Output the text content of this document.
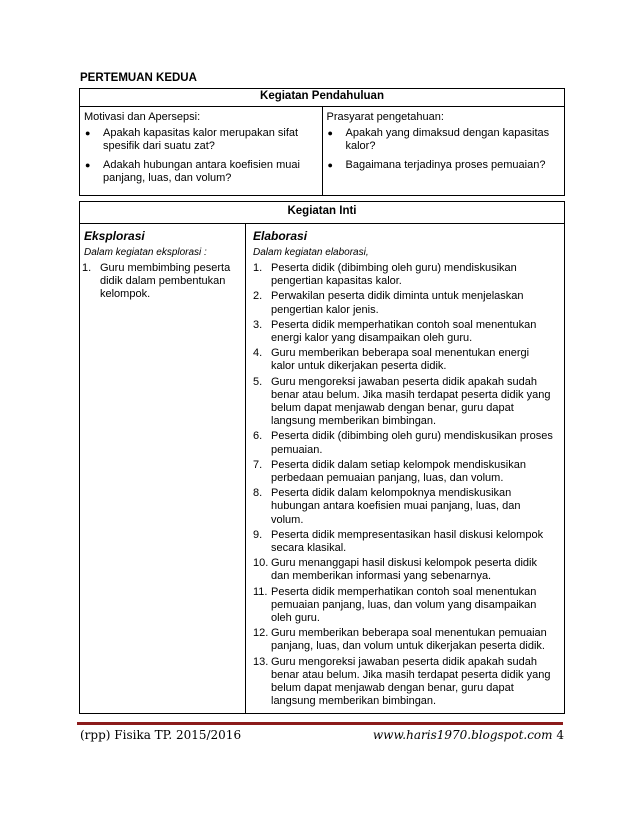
PERTEMUAN KEDUA
Kegiatan Pendahuluan

Motivasi dan Apersepsi:
● Apakah kapasitas kalor merupakan sifat spesifik dari suatu zat?
● Adakah hubungan antara koefisien muai panjang, luas, dan volum?

Prasyarat pengetahuan:
● Apakah yang dimaksud dengan kapasitas kalor?
● Bagaimana terjadinya proses pemuaian?
Kegiatan Inti

Eksplorasi
Dalam kegiatan eksplorasi :
1. Guru membimbing peserta didik dalam pembentukan kelompok.

Elaborasi
Dalam kegiatan elaborasi,
1. Peserta didik (dibimbing oleh guru) mendiskusikan pengertian kapasitas kalor.
2. Perwakilan peserta didik diminta untuk menjelaskan pengertian kalor jenis.
3. Peserta didik memperhatikan contoh soal menentukan energi kalor yang disampaikan oleh guru.
4. Guru memberikan beberapa soal menentukan energi kalor untuk dikerjakan peserta didik.
5. Guru mengoreksi jawaban peserta didik apakah sudah benar atau belum. Jika masih terdapat peserta didik yang belum dapat menjawab dengan benar, guru dapat langsung memberikan bimbingan.
6. Peserta didik (dibimbing oleh guru) mendiskusikan proses pemuaian.
7. Peserta didik dalam setiap kelompok mendiskusikan perbedaan pemuaian panjang, luas, dan volum.
8. Peserta didik dalam kelompoknya mendiskusikan hubungan antara koefisien muai panjang, luas, dan volum.
9. Peserta didik mempresentasikan hasil diskusi kelompok secara klasikal.
10. Guru menanggapi hasil diskusi kelompok peserta didik dan memberikan informasi yang sebenarnya.
11. Peserta didik memperhatikan contoh soal menentukan pemuaian panjang, luas, dan volum yang disampaikan oleh guru.
12. Guru memberikan beberapa soal menentukan pemuaian panjang, luas, dan volum untuk dikerjakan peserta didik.
13. Guru mengoreksi jawaban peserta didik apakah sudah benar atau belum. Jika masih terdapat peserta didik yang belum dapat menjawab dengan benar, guru dapat langsung memberikan bimbingan.
(rpp) Fisika TP. 2015/2016	www.haris1970.blogspot.com 4
